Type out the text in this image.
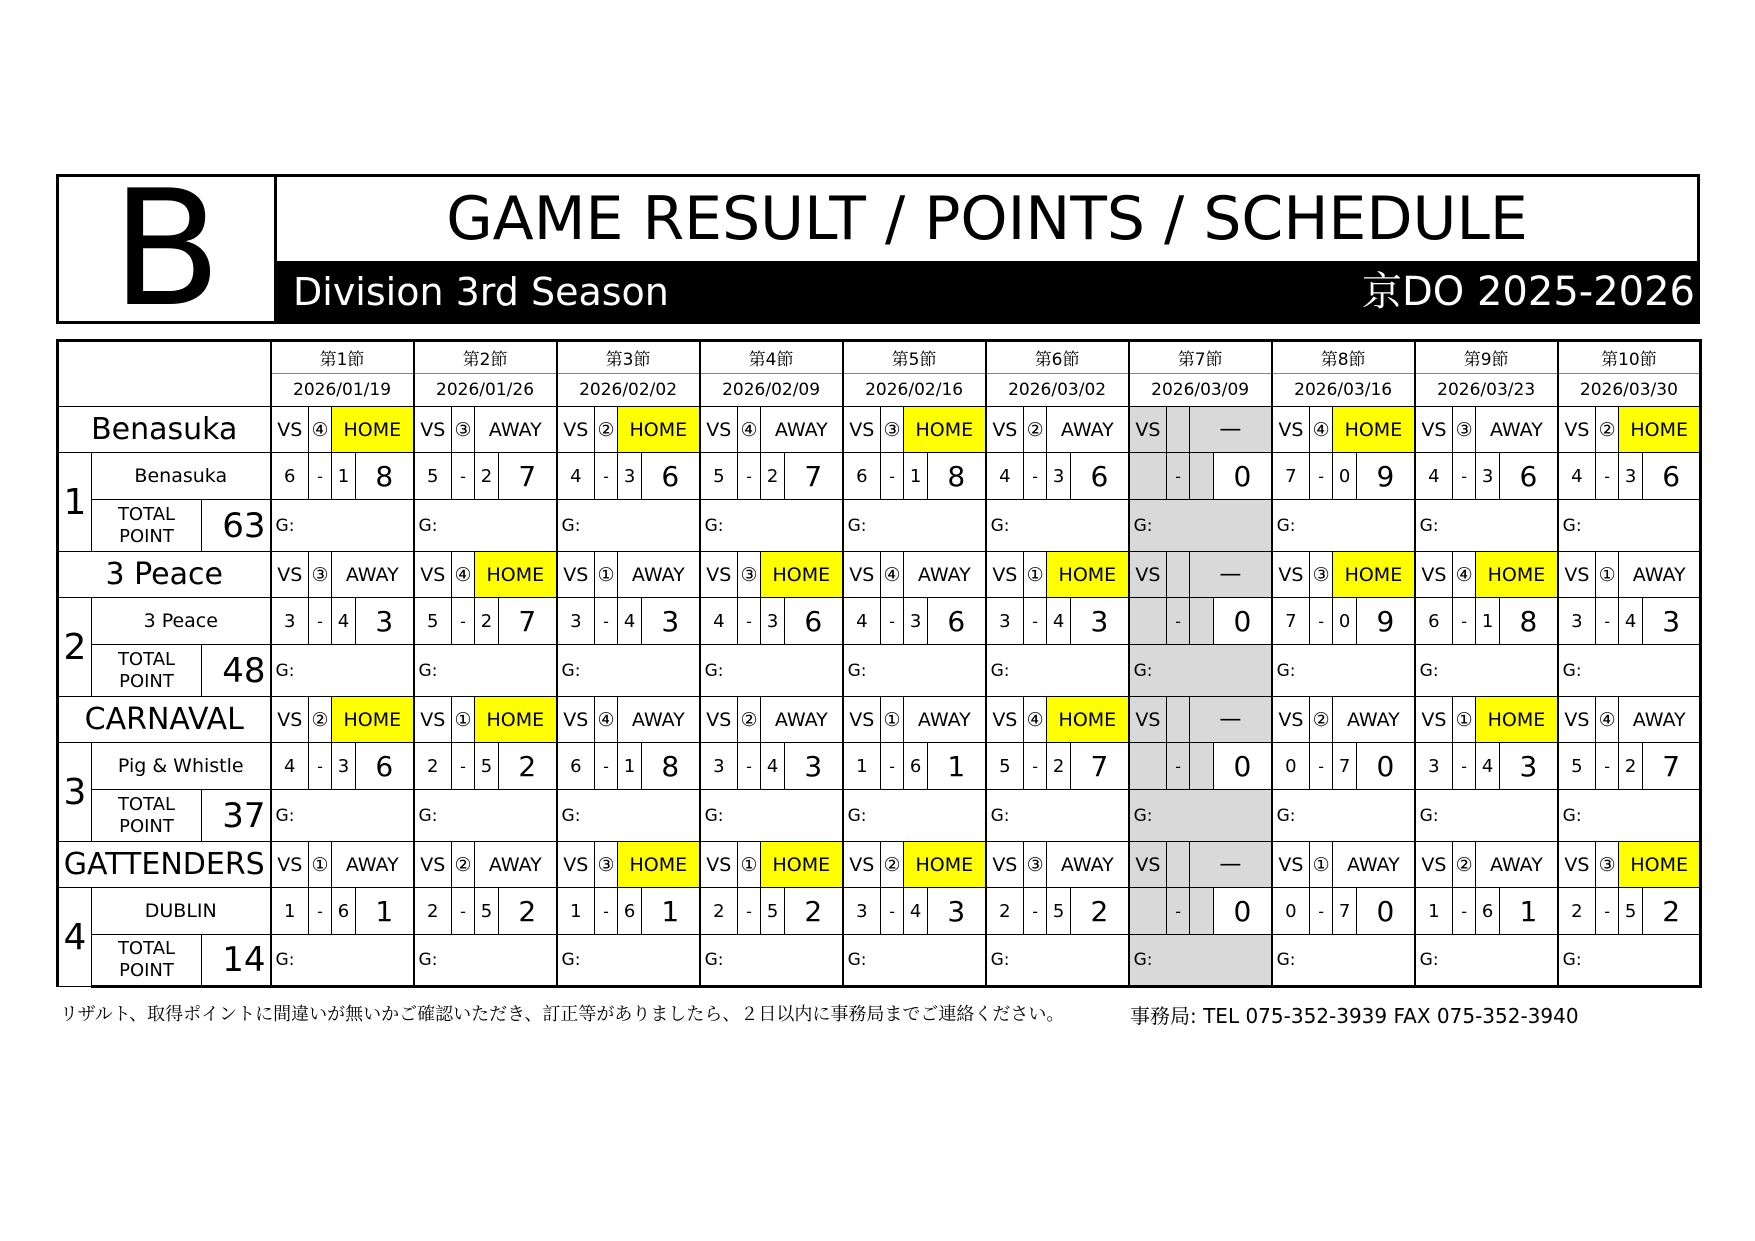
B	GAME RESULT / POINTS / SCHEDULE
Division 3rd Season	京DO 2025-2026
			第1節				第2節				第3節				第4節				第5節				第6節				第7節				第8節				第9節				第10節			
			2026/01/19				2026/01/26				2026/02/02				2026/02/09				2026/02/16				2026/03/02				2026/03/09				2026/03/16				2026/03/23				2026/03/30			
Benasuka			VS	④	HOME		VS	③	AWAY		VS	②	HOME		VS	④	AWAY		VS	③	HOME		VS	②	AWAY		VS		—		VS	④	HOME		VS	③	AWAY		VS	②	HOME	
1	Benasuka		6	-	1	8	5	-	2	7	4	-	3	6	5	-	2	7	6	-	1	8	4	-	3	6		-		0	7	-	0	9	4	-	3	6	4	-	3	6

	TOTAL
POINT	63	G:				G:				G:				G:				G:				G:				G:				G:				G:				G:			
3 Peace			VS	③	AWAY		VS	④	HOME		VS	①	AWAY		VS	③	HOME		VS	④	AWAY		VS	①	HOME		VS		—		VS	③	HOME		VS	④	HOME		VS	①	AWAY	
2	3 Peace		3	-	4	3	5	-	2	7	3	-	4	3	4	-	3	6	4	-	3	6	3	-	4	3		-		0	7	-	0	9	6	-	1	8	3	-	4	3

	TOTAL
POINT	48	G:				G:				G:				G:				G:				G:				G:				G:				G:				G:			
CARNAVAL			VS	②	HOME		VS	①	HOME		VS	④	AWAY		VS	②	AWAY		VS	①	AWAY		VS	④	HOME		VS		—		VS	②	AWAY		VS	①	HOME		VS	④	AWAY	
3	Pig & Whistle		4	-	3	6	2	-	5	2	6	-	1	8	3	-	4	3	1	-	6	1	5	-	2	7		-		0	0	-	7	0	3	-	4	3	5	-	2	7

	TOTAL
POINT	37	G:				G:				G:				G:				G:				G:				G:				G:				G:				G:			
GATTENDERS			VS	①	AWAY		VS	②	AWAY		VS	③	HOME		VS	①	HOME		VS	②	HOME		VS	③	AWAY		VS		—		VS	①	AWAY		VS	②	AWAY		VS	③	HOME	
4	DUBLIN		1	-	6	1	2	-	5	2	1	-	6	1	2	-	5	2	3	-	4	3	2	-	5	2		-		0	0	-	7	0	1	-	6	1	2	-	5	2

	TOTAL
POINT	14	G:				G:				G:				G:				G:				G:				G:				G:				G:				G:			
リザルト、取得ポイントに間違いが無いかご確認いただき、訂正等がありましたら、２日以内に事務局までご連絡ください。	事務局: TEL 075-352-3939 FAX 075-352-3940
